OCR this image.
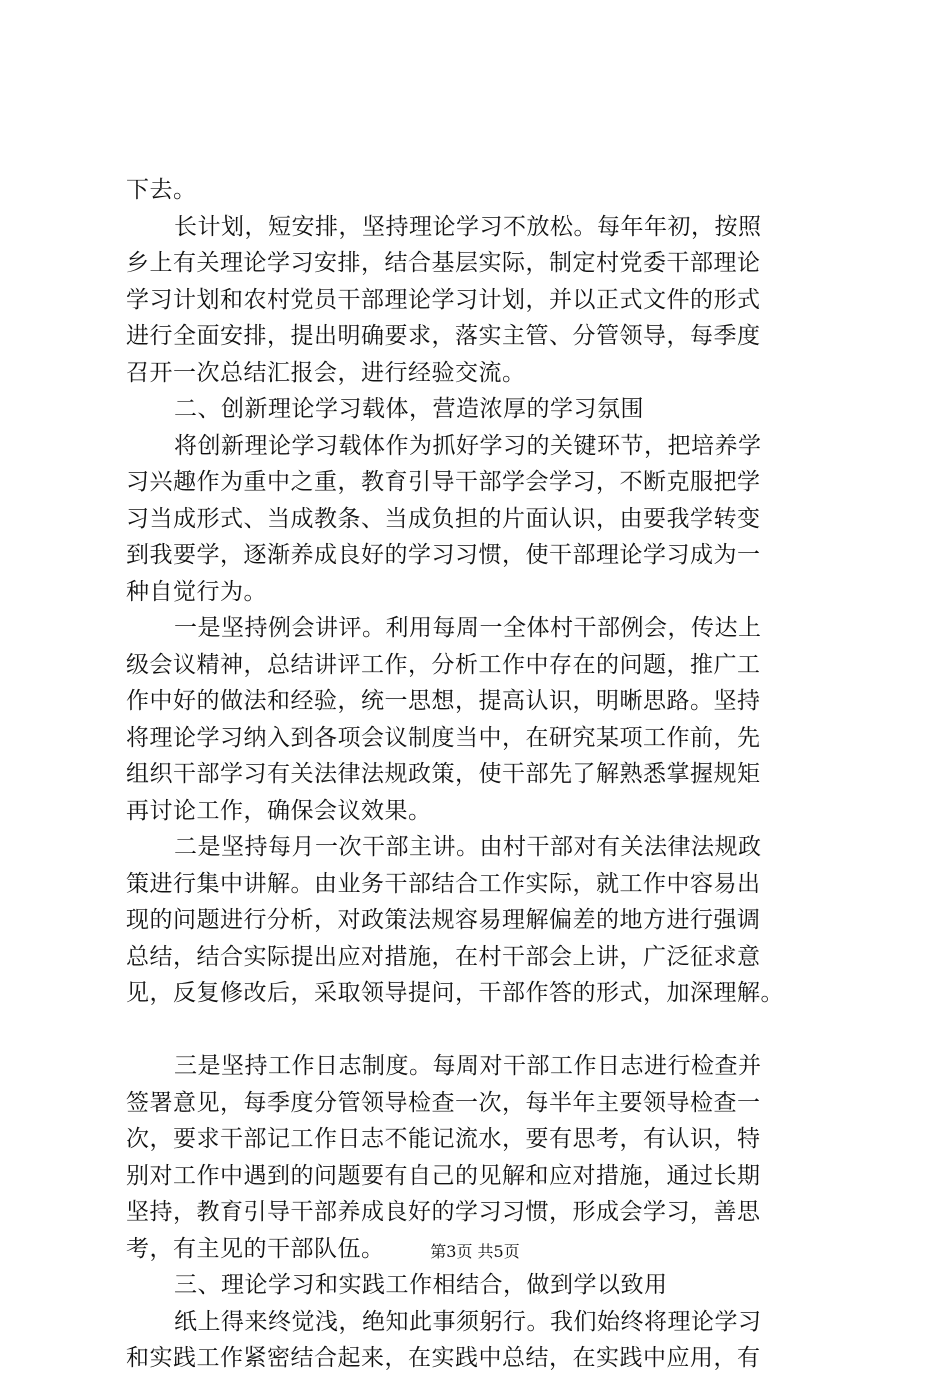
下去。
长计划，短安排，坚持理论学习不放松。每年年初，按照
乡上有关理论学习安排，结合基层实际，制定村党委干部理论
学习计划和农村党员干部理论学习计划，并以正式文件的形式
进行全面安排，提出明确要求，落实主管、分管领导，每季度
召开一次总结汇报会，进行经验交流。
二、创新理论学习载体，营造浓厚的学习氛围
将创新理论学习载体作为抓好学习的关键环节，把培养学
习兴趣作为重中之重，教育引导干部学会学习，不断克服把学
习当成形式、当成教条、当成负担的片面认识，由要我学转变
到我要学，逐渐养成良好的学习习惯，使干部理论学习成为一
种自觉行为。
一是坚持例会讲评。利用每周一全体村干部例会，传达上
级会议精神，总结讲评工作，分析工作中存在的问题，推广工
作中好的做法和经验，统一思想，提高认识，明晰思路。坚持
将理论学习纳入到各项会议制度当中，在研究某项工作前，先
组织干部学习有关法律法规政策，使干部先了解熟悉掌握规矩
再讨论工作，确保会议效果。
二是坚持每月一次干部主讲。由村干部对有关法律法规政
策进行集中讲解。由业务干部结合工作实际，就工作中容易出
现的问题进行分析，对政策法规容易理解偏差的地方进行强调
总结，结合实际提出应对措施，在村干部会上讲，广泛征求意
见，反复修改后，采取领导提问，干部作答的形式，加深理解。
三是坚持工作日志制度。每周对干部工作日志进行检查并
签署意见，每季度分管领导检查一次，每半年主要领导检查一
次，要求干部记工作日志不能记流水，要有思考，有认识，特
别对工作中遇到的问题要有自己的见解和应对措施，通过长期
坚持，教育引导干部养成良好的学习习惯，形成会学习，善思
考，有主见的干部队伍。
三、理论学习和实践工作相结合，做到学以致用
纸上得来终觉浅，绝知此事须躬行。我们始终将理论学习
和实践工作紧密结合起来，在实践中总结，在实践中应用，有
第3页 共5页
